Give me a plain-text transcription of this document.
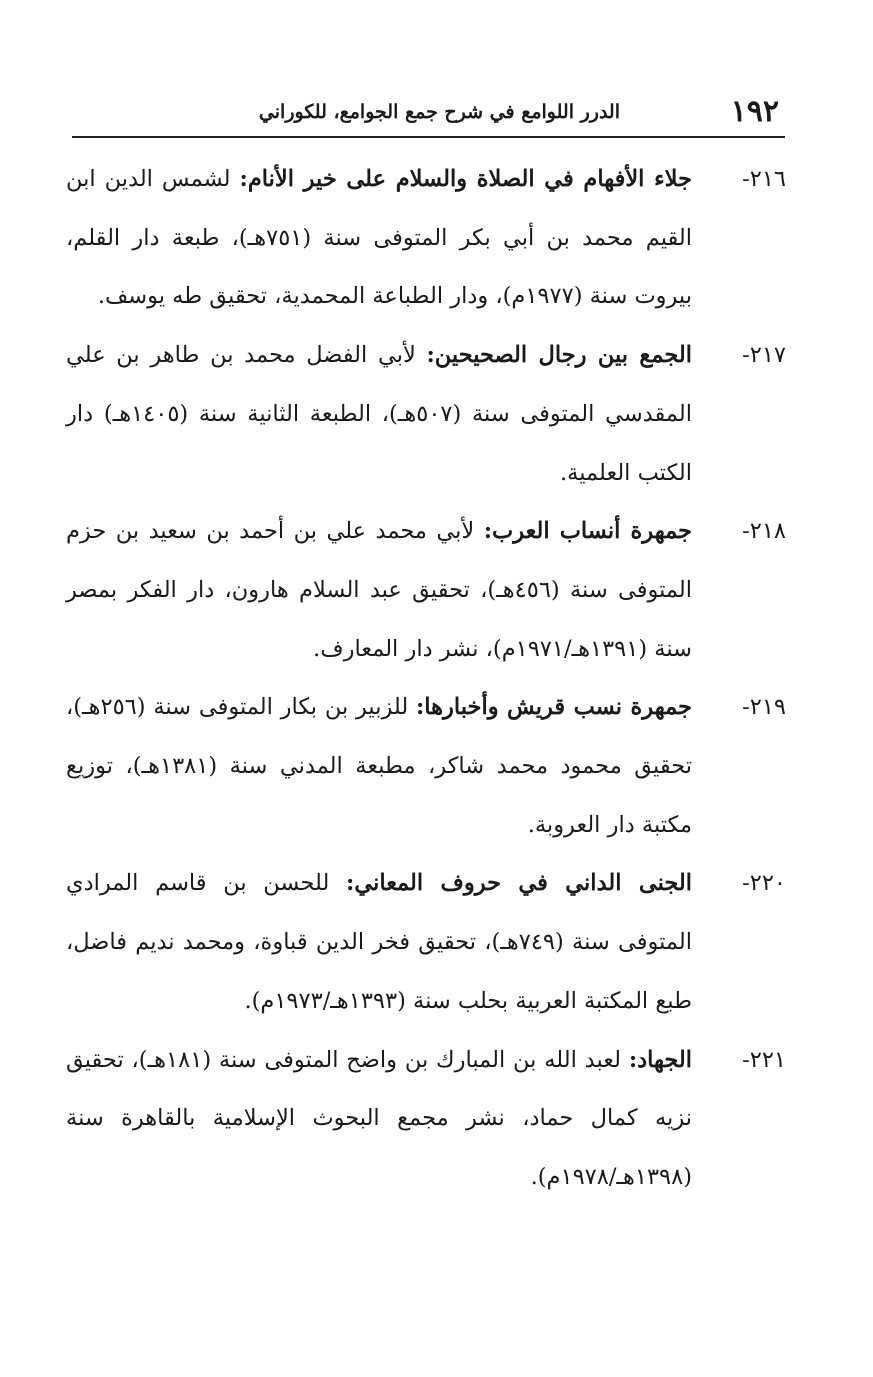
١٩٢
الدرر اللوامع في شرح جمع الجوامع، للكوراني
٢١٦-
جلاء الأفهام في الصلاة والسلام على خير الأنام: لشمس الدين ابن القيم محمد بن أبي بكر المتوفى سنة (٧٥١هـ)، طبعة دار القلم، بيروت سنة (١٩٧٧م)، ودار الطباعة المحمدية، تحقيق طه يوسف.
٢١٧-
الجمع بين رجال الصحيحين: لأبي الفضل محمد بن طاهر بن علي المقدسي المتوفى سنة (٥٠٧هـ)، الطبعة الثانية سنة (١٤٠٥هـ) دار الكتب العلمية.
٢١٨-
جمهرة أنساب العرب: لأبي محمد علي بن أحمد بن سعيد بن حزم المتوفى سنة (٤٥٦هـ)، تحقيق عبد السلام هارون، دار الفكر بمصر سنة (١٣٩١هـ/١٩٧١م)، نشر دار المعارف.
٢١٩-
جمهرة نسب قريش وأخبارها: للزبير بن بكار المتوفى سنة (٢٥٦هـ)، تحقيق محمود محمد شاكر، مطبعة المدني سنة (١٣٨١هـ)، توزيع مكتبة دار العروبة.
٢٢٠-
الجنى الداني في حروف المعاني: للحسن بن قاسم المرادي المتوفى سنة (٧٤٩هـ)، تحقيق فخر الدين قباوة، ومحمد نديم فاضل، طبع المكتبة العربية بحلب سنة (١٣٩٣هـ/١٩٧٣م).
٢٢١-
الجهاد: لعبد الله بن المبارك بن واضح المتوفى سنة (١٨١هـ)، تحقيق نزيه كمال حماد، نشر مجمع البحوث الإسلامية بالقاهرة سنة (١٣٩٨هـ/١٩٧٨م).
